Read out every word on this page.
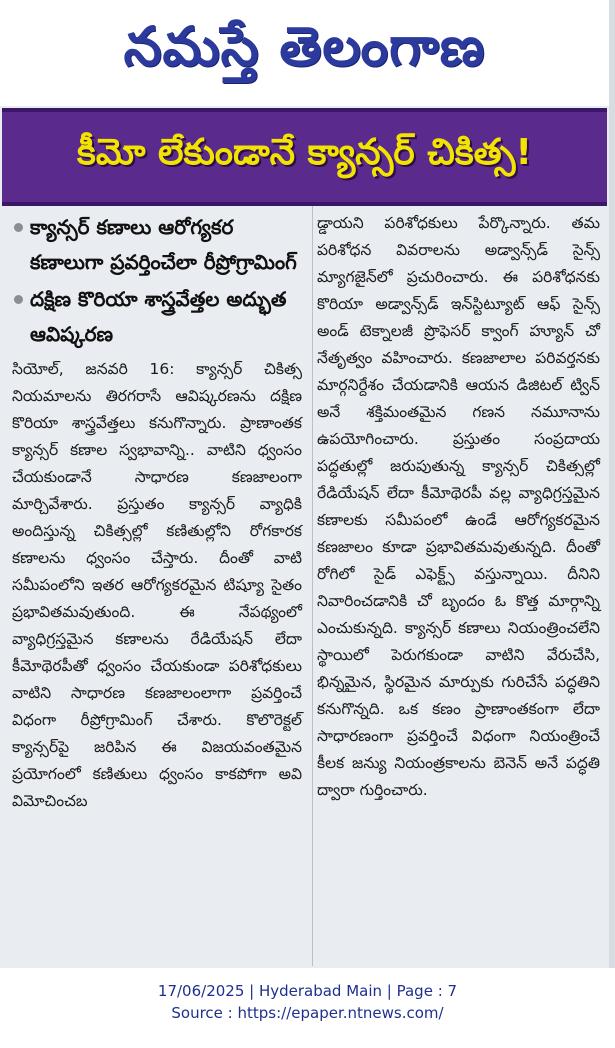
నమస్తే తెలంగాణ
కీమో లేకుండానే క్యాన్సర్ చికిత్స!
క్యాన్సర్ కణాలు ఆరోగ్యకర కణాలుగా ప్రవర్తించేలా రీప్రోగ్రామింగ్
దక్షిణ కొరియా శాస్త్రవేత్తల అద్భుత ఆవిష్కరణ

సియోల్, జనవరి 16: క్యాన్సర్ చికిత్స నియమాలను తిరగరాసే ఆవిష్కరణను దక్షిణ కొరియా శాస్త్రవేత్తలు కనుగొన్నారు. ప్రాణాంతక క్యాన్సర్ కణాల స్వభావాన్ని.. వాటిని ధ్వంసం చేయకుండానే సాధారణ కణజాలంగా మార్చివేశారు. ప్రస్తుతం క్యాన్సర్ వ్యాధికి అందిస్తున్న చికిత్సల్లో కణితుల్లోని రోగకారక కణాలను ధ్వంసం చేస్తారు. దీంతో వాటి సమీపంలోని ఇతర ఆరోగ్యకరమైన టిష్యూ సైతం ప్రభావితమవుతుంది. ఈ నేపథ్యంలో వ్యాధిగ్రస్తమైన కణాలను రేడియేషన్ లేదా కీమోథెరపీతో ధ్వంసం చేయకుండా పరిశోధకులు వాటిని సాధారణ కణజాలంలాగా ప్రవర్తించే విధంగా రీప్రోగ్రామింగ్ చేశారు. కొలొరెక్టల్ క్యాన్సర్‌పై జరిపిన ఈ విజయవంతమైన ప్రయోగంలో కణితులు ధ్వంసం కాకపోగా అవి విమోచించబ

డ్డాయని పరిశోధకులు పేర్కొన్నారు. తమ పరిశోధన వివరాలను అడ్వాన్స్‌డ్ సైన్స్ మ్యాగజైన్‌లో ప్రచురించారు. ఈ పరిశోధనకు కొరియా అడ్వాన్స్‌డ్ ఇన్‌స్టిట్యూట్ ఆఫ్ సైన్స్ అండ్ టెక్నాలజీ ప్రొఫెసర్ క్వాంగ్ హ్యూన్ చో నేతృత్వం వహించారు. కణజాలాల పరివర్తనకు మార్గనిర్దేశం చేయడానికి ఆయన డిజిటల్ ట్విన్ అనే శక్తిమంతమైన గణన నమూనాను ఉపయోగించారు. ప్రస్తుతం సంప్రదాయ పద్ధతుల్లో జరుపుతున్న క్యాన్సర్ చికిత్సల్లో రేడియేషన్ లేదా కీమోథెరపీ వల్ల వ్యాధిగ్రస్తమైన కణాలకు సమీపంలో ఉండే ఆరోగ్యకరమైన కణజాలం కూడా ప్రభావితమవుతున్నది. దీంతో రోగిలో సైడ్ ఎఫెక్ట్స్ వస్తున్నాయి. దీనిని నివారించడానికి చో బృందం ఓ కొత్త మార్గాన్ని ఎంచుకున్నది. క్యాన్సర్ కణాలు నియంత్రించలేని స్థాయిలో పెరుగకుండా వాటిని వేరుచేసి, భిన్నమైన, స్థిరమైన మార్పుకు గురిచేసే పద్ధతిని కనుగొన్నది. ఒక కణం ప్రాణాంతకంగా లేదా సాధారణంగా ప్రవర్తించే విధంగా నియంత్రించే కీలక జన్యు నియంత్రకాలను బెనెన్ అనే పద్ధతి ద్వారా గుర్తించారు.

17/06/2025 | Hyderabad Main | Page : 7
Source : https://epaper.ntnews.com/
